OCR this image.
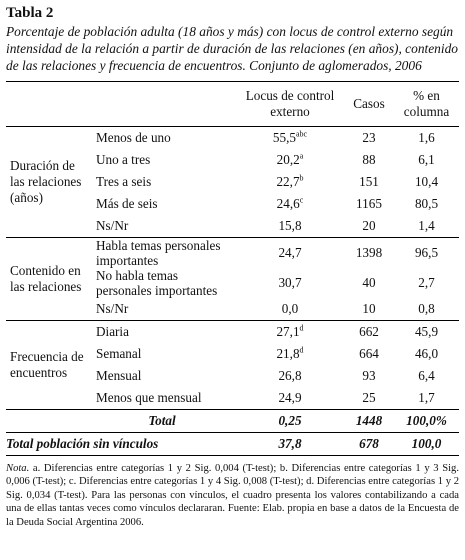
Tabla 2

Porcentaje de población adulta (18 años y más) con locus de control externo según intensidad de la relación a partir de duración de las relaciones (en años), contenido de las relaciones y frecuencia de encuentros. Conjunto de aglomerados, 2006

		Locus de control externo	Casos	% en columna
Duración de las relaciones (años)	Menos de uno	55,5$^{abc}$	23	1,6
	Uno a tres	20,2$^a$	88	6,1
	Tres a seis	22,7$^b$	151	10,4
	Más de seis	24,6$^c$	1165	80,5
	Ns/Nr	15,8	20	1,4
Contenido en las relaciones	Habla temas personales importantes	24,7	1398	96,5
	No habla temas personales importantes	30,7	40	2,7
	Ns/Nr	0,0	10	0,8
Frecuencia de encuentros	Diaria	27,1$^d$	662	45,9
	Semanal	21,8$^d$	664	46,0
	Mensual	26,8	93	6,4
	Menos que mensual	24,9	25	1,7
	Total	0,25	1448	100,0%
Total población sin vínculos		37,8	678	100,0

Nota. a. Diferencias entre categorías 1 y 2 Sig. 0,004 (T-test); b. Diferencias entre categorías 1 y 3 Sig. 0,006 (T-test); c. Diferencias entre categorías 1 y 4 Sig. 0,008 (T-test); d. Diferencias entre categorías 1 y 2 Sig. 0,034 (T-test). Para las personas con vínculos, el cuadro presenta los valores contabilizando a cada una de ellas tantas veces como vínculos declararan. Fuente: Elab. propia en base a datos de la Encuesta de la Deuda Social Argentina 2006.
